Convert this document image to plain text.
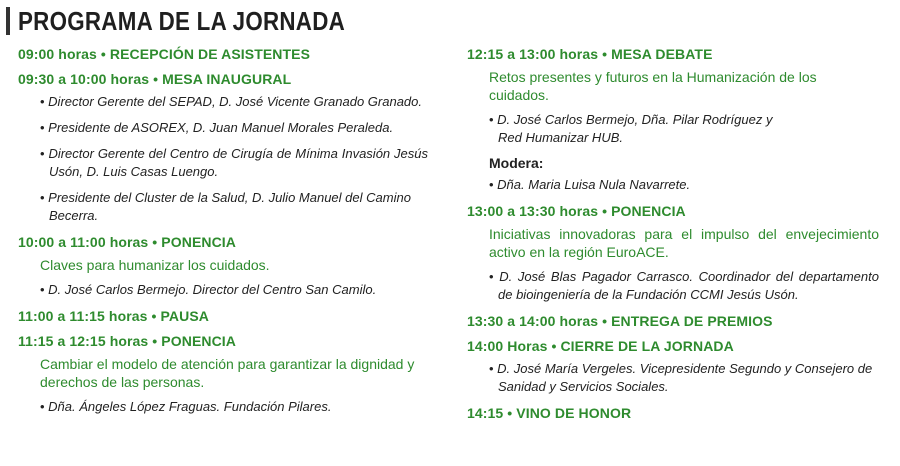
PROGRAMA DE LA JORNADA
09:00 horas • RECEPCIÓN DE ASISTENTES
09:30 a 10:00 horas • MESA INAUGURAL
• Director Gerente del SEPAD, D. José Vicente Granado Granado.
• Presidente de ASOREX, D. Juan Manuel Morales Peraleda.
• Director Gerente del Centro de Cirugía de Mínima Invasión Jesús Usón, D. Luis Casas Luengo.
• Presidente del Cluster de la Salud, D. Julio Manuel del Camino Becerra.
10:00 a 11:00 horas • PONENCIA
Claves para humanizar los cuidados.
• D. José Carlos Bermejo. Director del Centro San Camilo.
11:00 a 11:15 horas • PAUSA
11:15 a 12:15 horas • PONENCIA
Cambiar el modelo de atención para garantizar la dignidad y derechos de las personas.
• Dña. Ángeles López Fraguas. Fundación Pilares.
12:15 a 13:00 horas • MESA DEBATE
Retos presentes y futuros en la Humanización de los cuidados.
• D. José Carlos Bermejo, Dña. Pilar Rodríguez y Red Humanizar HUB.
Modera:
• Dña. Maria Luisa Nula Navarrete.
13:00 a 13:30 horas • PONENCIA
Iniciativas innovadoras para el impulso del envejecimiento activo en la región EuroACE.
• D. José Blas Pagador Carrasco. Coordinador del departamento de bioingeniería de la Fundación CCMI Jesús Usón.
13:30 a 14:00 horas • ENTREGA DE PREMIOS
14:00 Horas • CIERRE DE LA JORNADA
• D. José María Vergeles. Vicepresidente Segundo y Consejero de Sanidad y Servicios Sociales.
14:15 • VINO DE HONOR
